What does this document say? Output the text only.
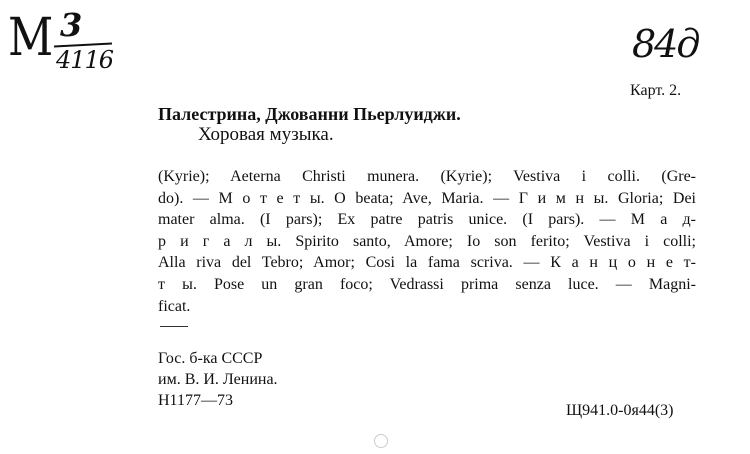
М 3
4116	84д
Карт. 2.
Палестрина, Джованни Пьерлуиджи.
Хоровая музыка.
(Kyrie); Aeterna Christi munera. (Kyrie); Vestiva i colli. (Gre-
do). — М о т е т ы. O beata; Ave, Maria. — Г и м н ы. Gloria; Dei
mater alma. (I pars); Ex patre patris unice. (I pars). — М а д-
р и г а л ы. Spirito santo, Amore; Io son ferito; Vestiva i colli;
Alla riva del Tebro; Amor; Cosi la fama scriva. — К а н ц о н е т-
т ы. Pose un gran foco; Vedrassi prima senza luce. — Magni-
ficat.
Гос. б-ка СССР
им. В. И. Ленина.
Н1177—73
Щ941.0-0я44(3)
